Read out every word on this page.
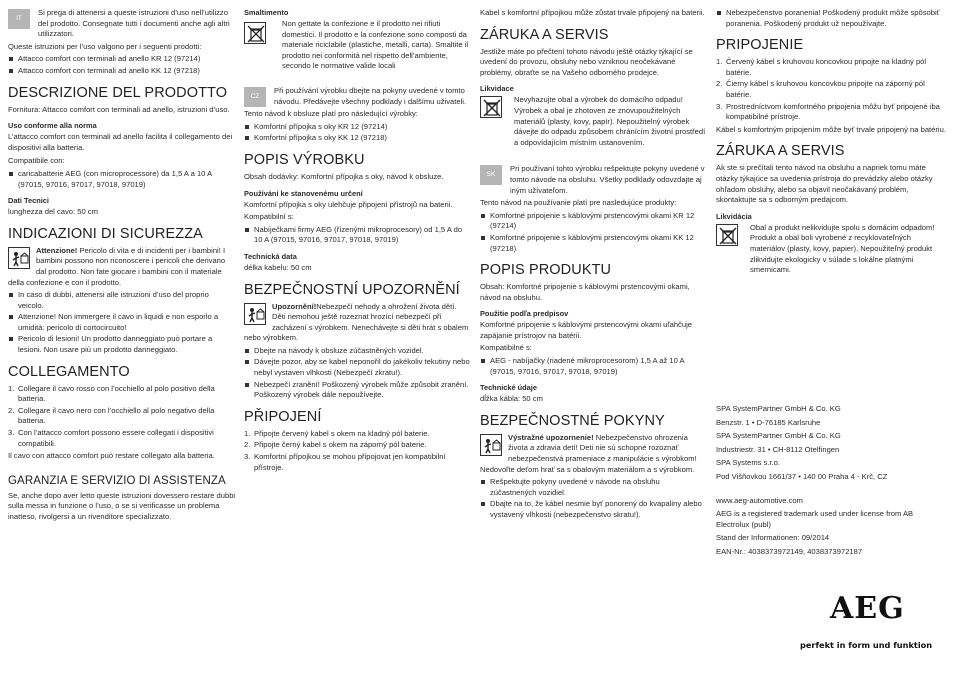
IT

Si prega di attenersi a queste istruzioni d’uso nell’utilizzo del prodotto. Consegnate tutti i documenti anche agli altri utilizzatori.

Queste istruzioni per l’uso valgono per i seguenti prodotti:

Attacco comfort con terminali ad anello KR 12 (97214)
Attacco comfort con terminali ad anello KK 12 (97218)
DESCRIZIONE DEL PRODOTTO

Fornitura: Attacco comfort con terminali ad anello, istruzioni d’uso.

Uso conforme alla norma

L’attacco comfort con terminali ad anello facilita il collegamento dei dispositivi alla batteria.

Compatibile con:

caricabatterie AEG (con microprocessore) da 1,5 A a 10 A (97015, 97016, 97017, 97018, 97019)
Dati Tecnici

lunghezza del cavo: 50 cm

INDICAZIONI DI SICUREZZA

Attenzione! Pericolo di vita e di incidenti per i bambini! I bambini possono non riconoscere i pericoli che derivano dal prodotto. Non fate giocare i bambini con il materiale della confezione e con il prodotto.

In caso di dubbi, attenersi alle istruzioni d’uso del proprio veicolo.
Attenzione! Non immergere il cavo in liquidi e non esporlo a umidità: pericolo di cortocircuito!
Pericolo di lesioni! Un prodotto danneggiato può portare a lesioni. Non usare più un prodotto danneggiato.
COLLEGAMENTO
1. Collegare il cavo rosso con l’occhiello al polo positivo della batteria.
2. Collegare il cavo nero con l’occhiello al polo negativo della batteria.
3. Con l’attacco comfort possono essere collegati i dispositivi compatibili.

Il cavo con attacco comfort può restare collegato alla batteria.

GARANZIA E SERVIZIO DI ASSISTENZA

Se, anche dopo aver letto queste istruzioni dovessero restare dubbi sulla messa in funzione o l’uso, o se si verificasse un problema inatteso, rivolgersi a un rivenditore specializzato.

Smaltimento

Non gettate la confezione e il prodotto nei rifiuti domestici. Il prodotto e la confezione sono composti da materiale riciclabile (plastiche, metalli, carta). Smaltite il prodotto nei conformità nel rispetto dell’ambiente, secondo le normative valide locali

CZ

Při používání výrobku dbejte na pokyny uvedené v tomto návodu. Předávejte všechny podklady i dalšímu uživateli.

Tento návod k obsluze platí pro následující výrobky:

Komfortní přípojka s oky KR 12 (97214)
Komfortní přípojka s oky KK 12 (97218)
POPIS VÝROBKU

Obsah dodávky: Komfortní přípojka s oky, návod k obsluze.

Používání ke stanovenému určení

Komfortní přípojka s oky ulehčuje připojení přístrojů na baterii.

Kompatibilní s:

Nabíječkami firmy AEG (řízenými mikroprocesory) od 1,5 A do 10 A (97015, 97016, 97017, 97018, 97019)
Technická data

délka kabelu: 50 cm

BEZPEČNOSTNÍ UPOZORNĚNÍ

Upozornění!Nebezpečí nehody a ohrožení života dětí. Děti nemohou ještě rozeznat hrozící nebezpečí při zacházení s výrobkem. Nenechávejte si děti hrát s obalem nebo výrobkem.

Dbejte na návody k obsluze zúčastněných vozidel.
Dávejte pozor, aby se kabel neponořil do jakékoliv tekutiny nebo nebyl vystaven vlhkosti (Nebezpečí zkratu!).
Nebezpečí zranění! Poškozený výrobek může způsobit zranění. Poškozený výrobek dále nepoužívejte.
PŘIPOJENÍ
1. Připojte červený kabel s okem na kladný pól baterie.
2. Připojte černý kabel s okem na záporný pól baterie.
3. Komfortní přípojkou se mohou připojovat jen kompatibilní přístroje.

Kabel s komfortní přípojkou může zůstat trvale připojený na baterii.

ZÁRUKA A SERVIS

Jestliže máte po přečtení tohoto návodu ještě otázky týkající se uvedení do provozu, obsluhy nebo vzniknou neočekávané problémy, obraťte se na Vašeho odborného prodejce.

Likvidace

Nevyhazujte obal a výrobek do domácího odpadu! Výrobek a obal je zhotoven ze znovupoužitelných materiálů (plasty, kovy, papír). Nepoužitelný výrobek dávejte do odpadu způsobem chránícím životní prostředí a odpovídajícím místním ustanovením.

SK

Pri používaní tohto výrobku rešpektujte pokyny uvedené v tomto návode na obsluhu. Všetky podklady odovzdajte aj iným užívateľom.

Tento návod na používanie platí pre nasledujúce produkty:

Komfortné pripojenie s káblovými prstencovými okami KR 12 (97214)
Komfortné pripojenie s káblovými prstencovými okami KK 12 (97218)
POPIS PRODUKTU

Obsah: Komfortné pripojenie s káblovými prstencovými okami, návod na obsluhu.

Použitie podľa predpisov

Komfortné pripojenie s káblovými prstencovými okami uľahčuje zapájanie prístrojov na batérii.

Kompatibilné s:

AEG - nabíjačky (riadené mikroprocesorom) 1,5 A až 10 A (97015, 97016, 97017, 97018, 97019)
Technické údaje

dĺžka kábla: 50 cm

BEZPEČNOSTNÉ POKYNY

Výstražné upozornenie! Nebezpečenstvo ohrozenia života a zdravia detí! Deti nie sú schopné rozoznať nebezpečenstvá prameniace z manipulácie s výrobkom! Nedovoľte deťom hrať sa s obalovým materiálom a s výrobkom.

Rešpektujte pokyny uvedené v návode na obsluhu zúčastnených vozidiel.
Dbajte na to, že kábel nesmie byť ponorený do kvapaliny alebo vystavený vlhkosti (nebezpečenstvo skratu!).
Nebezpečenstvo poranenia! Poškodený produkt môže spôsobiť poranenia. Poškodený produkt už nepoužívajte.
PRIPOJENIE
1. Červený kábel s kruhovou koncovkou pripojte na kladný pól batérie.
2. Čierny kábel s kruhovou koncovkou pripojte na záporný pól batérie.
3. Prostredníctvom komfortného pripojenia môžu byť pripojené iba kompatibilné prístroje.

Kábel s komfortným pripojením môže byť trvale pripojený na batériu.

ZÁRUKA A SERVIS

Ak ste si prečítali tento návod na obsluhu a napriek tomu máte otázky týkajúce sa uvedenia prístroja do prevádzky alebo otázky ohľadom obsluhy, alebo sa objavil neočakávaný problém, skontaktujte sa s odborným predajcom.

Likvidácia

Obal a produkt nelikvidujte spolu s domácim odpadom! Produkt a obal boli vyrobené z recyklovateľných materiálov (plasty, kovy, papier). Nepoužiteľný produkt zlikvidujte ekologicky v súlade s lokálne platnými smernicami.

SPA SystemPartner GmbH & Co. KG

Benzstr. 1 • D-76185 Karlsruhe

SPA SystemPartner GmbH & Co. KG

Industriestr. 31 • CH-8112 Otelfingen

SPA Systems s.r.o.

Pod Višňovkou 1661/37 • 140 00 Praha 4 - Krč, CZ

www.aeg-automotive.com

AEG is a registered trademark used under license from AB Electrolux (publ)

Stand der Informationen: 09/2014

EAN-Nr.: 4038373972149, 4038373972187

AEG
perfekt in form und funktion
